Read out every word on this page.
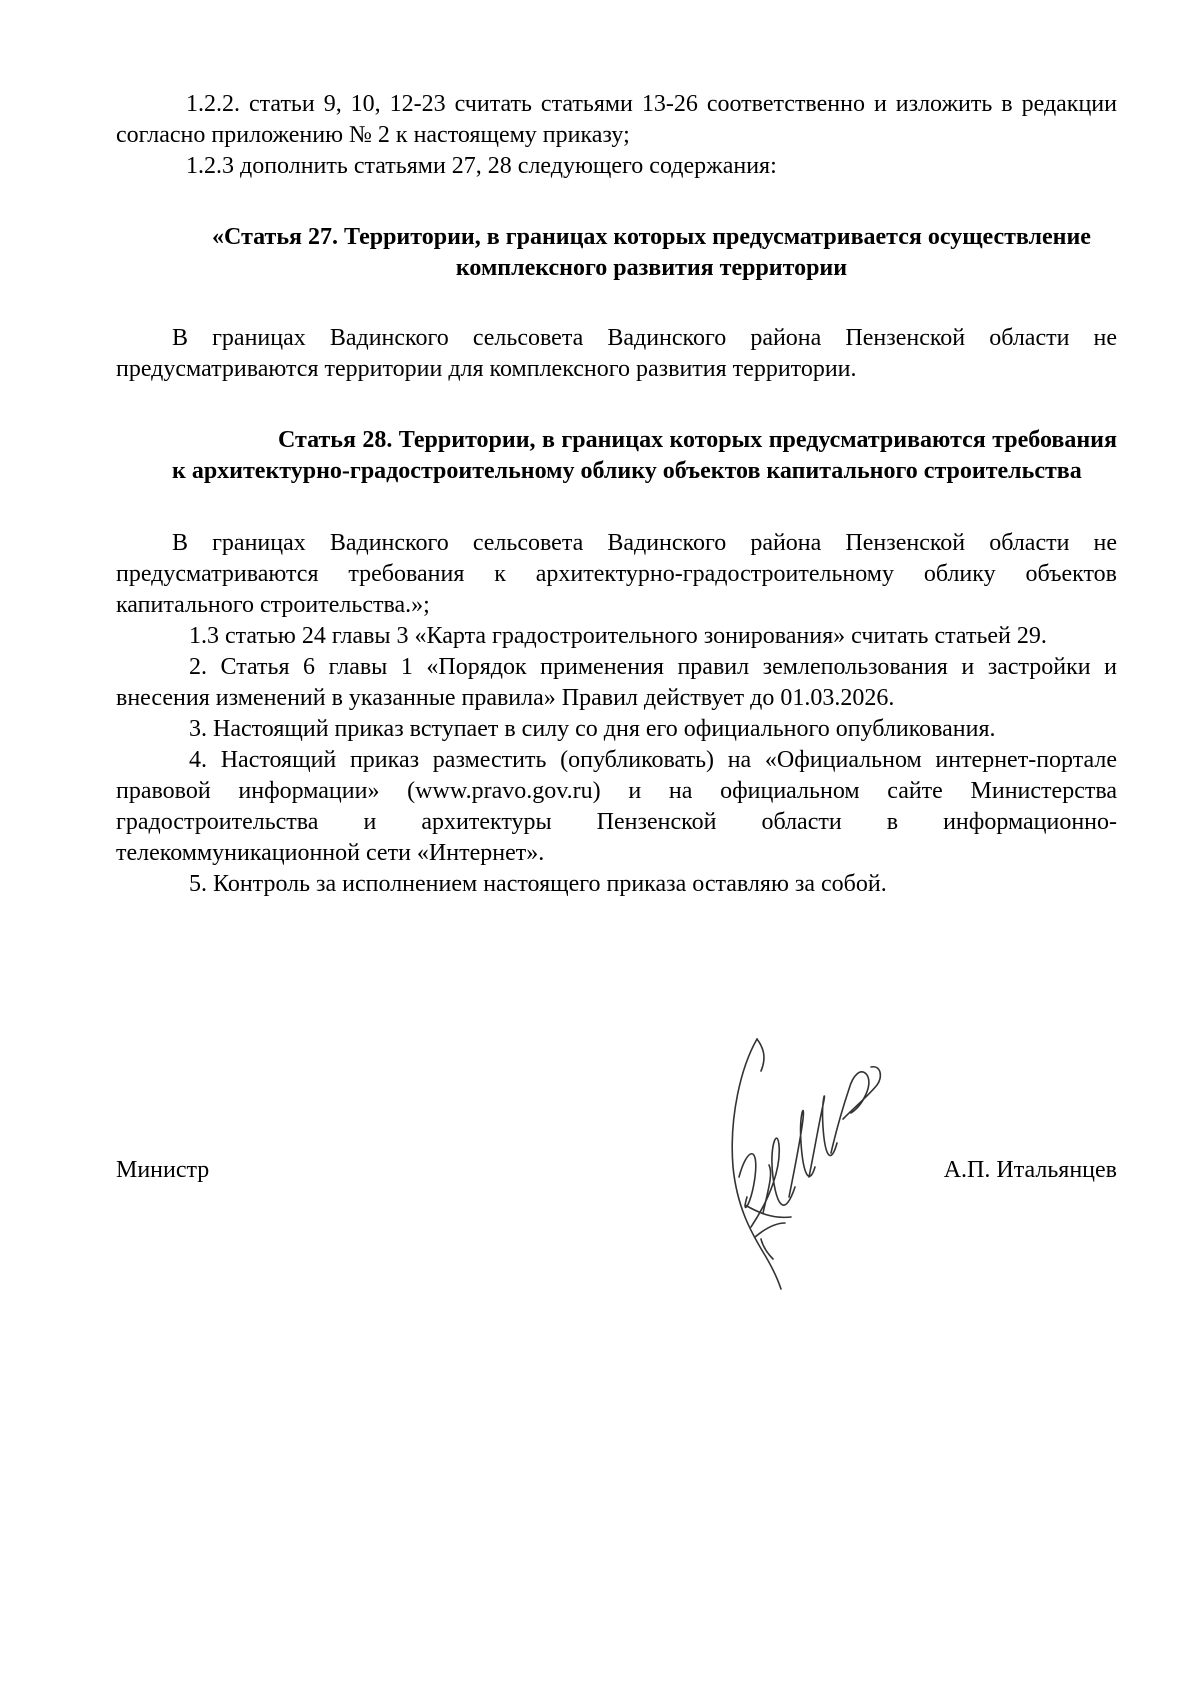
1.2.2. статьи 9, 10, 12-23 считать статьями 13-26 соответственно и изложить в редакции согласно приложению № 2 к настоящему приказу;

1.2.3 дополнить статьями 27, 28 следующего содержания:

«Статья 27. Территории, в границах которых предусматривается осуществление комплексного развития территории

В границах Вадинского сельсовета Вадинского района Пензенской области не предусматриваются территории для комплексного развития территории.

Статья 28. Территории, в границах которых предусматриваются требования к архитектурно-градостроительному облику объектов капитального строительства

В границах Вадинского сельсовета Вадинского района Пензенской области не предусматриваются требования к архитектурно-градостроительному облику объектов капитального строительства.»;

1.3 статью 24 главы 3 «Карта градостроительного зонирования» считать статьей 29.

2. Статья 6 главы 1 «Порядок применения правил землепользования и застройки и внесения изменений в указанные правила» Правил действует до 01.03.2026.

3. Настоящий приказ вступает в силу со дня его официального опубликования.

4. Настоящий приказ разместить (опубликовать) на «Официальном интернет-портале правовой информации» (www.pravo.gov.ru) и на официальном сайте Министерства градостроительства и архитектуры Пензенской области в информационно-телекоммуникационной сети «Интернет».

5. Контроль за исполнением настоящего приказа оставляю за собой.

Министр	А.П. Итальянцев
